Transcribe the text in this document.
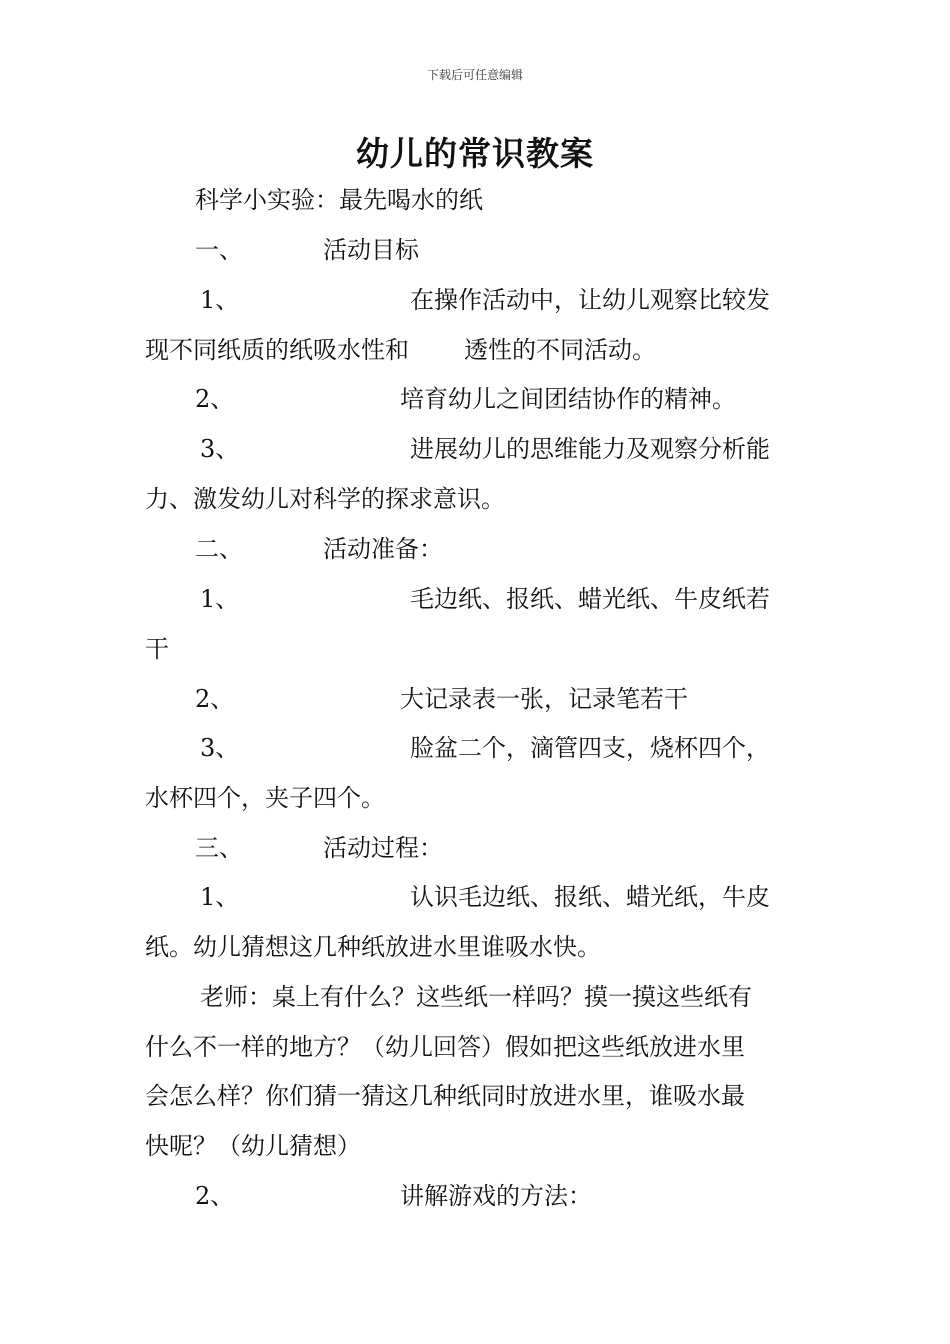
下载后可任意编辑
幼儿的常识教案
科学小实验：最先喝水的纸
一、	活动目标
1、	在操作活动中，让幼儿观察比较发
现不同纸质的纸吸水性和 透性的不同活动。
2、	培育幼儿之间团结协作的精神。
3、	进展幼儿的思维能力及观察分析能
力、激发幼儿对科学的探求意识。
二、	活动准备：
1、	毛边纸、报纸、蜡光纸、牛皮纸若
干
2、	大记录表一张，记录笔若干
3、	脸盆二个，滴管四支，烧杯四个，
水杯四个，夹子四个。
三、	活动过程：
1、	认识毛边纸、报纸、蜡光纸，牛皮
纸。幼儿猜想这几种纸放进水里谁吸水快。
老师：桌上有什么？这些纸一样吗？摸一摸这些纸有
什么不一样的地方？（幼儿回答）假如把这些纸放进水里
会怎么样？你们猜一猜这几种纸同时放进水里，谁吸水最
快呢？（幼儿猜想）
2、	讲解游戏的方法：
